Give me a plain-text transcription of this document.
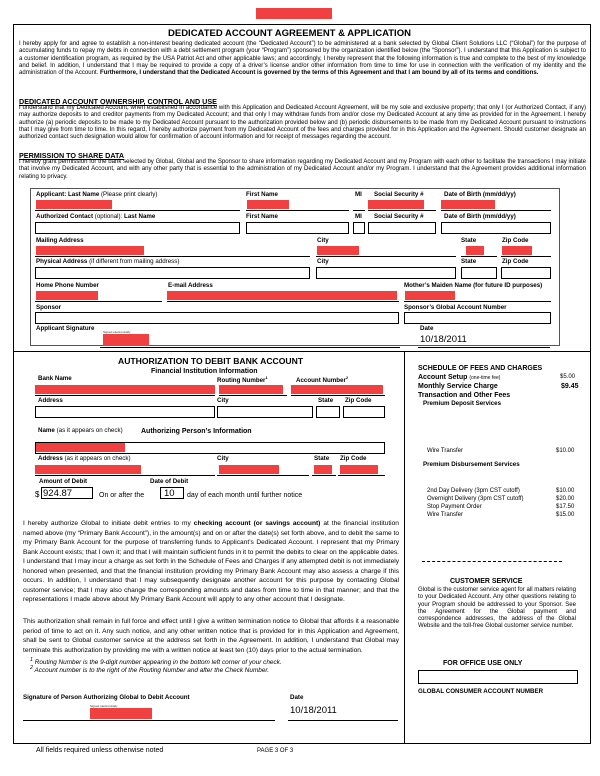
DEDICATED ACCOUNT AGREEMENT & APPLICATION
I hereby apply for and agree to establish a non-interest bearing dedicated account (the “Dedicated Account”) to be administered at a bank selected by Global Client Solutions LLC (“Global”) for the purpose of accumulating funds to repay my debts in connection with a debt settlement program (your “Program”) sponsored by the organization identified below (the “Sponsor”). I understand that this Application is subject to a customer identification program, as required by the USA Patriot Act and other applicable laws; and accordingly, I hereby represent that the following information is true and complete to the best of my knowledge and belief. In addition, I understand that I may be required to provide a copy of a driver’s license and/or other information from time to time for use in connection with the verification of my identity and the administration of the Account. Furthermore, I understand that the Dedicated Account is governed by the terms of this Agreement and that I am bound by all of its terms and conditions.
DEDICATED ACCOUNT OWNERSHIP, CONTROL AND USE
I understand that my Dedicated Account, when established in accordance with this Application and Dedicated Account Agreement, will be my sole and exclusive property; that only I (or Authorized Contact, if any) may authorize deposits to and creditor payments from my Dedicated Account; and that only I may withdraw funds from and/or close my Dedicated Account at any time as provided for in the Agreement. I hereby authorize (a) periodic deposits to be made to my Dedicated Account pursuant to the authorization provided below and (b) periodic disbursements to be made from my Dedicated Account pursuant to instructions that I may give from time to time. In this regard, I hereby authorize payment from my Dedicated Account of the fees and charges provided for in this Application and the Agreement. Should customer designate an authorized contact such designation would allow for confirmation of account information and for receipt of messages regarding the account.
PERMISSION TO SHARE DATA
I hereby grant permission for the bank selected by Global, Global and the Sponsor to share information regarding my Dedicated Account and my Program with each other to facilitate the transactions I may initiate that involve my Dedicated Account, and with any other party that is essential to the administration of my Dedicated Account and/or my Program. I understand that the Agreement provides additional information relating to privacy.
Applicant: Last Name (Please print clearly)	First Name	MI Social Security #	Date of Birth (mm/dd/yy)
Authorized Contact (optional): Last Name	First Name	MI Social Security #	Date of Birth (mm/dd/yy)
Mailing Address	City	State	Zip Code
Physical Address (if different from mailing address)	City	State	Zip Code
Home Phone Number	E-mail Address	Mother’s Maiden Name (for future ID purposes)
Sponsor	Sponsor’s Global Account Number
Applicant Signature	Signed electronically	Date
10/18/2011
AUTHORIZATION TO DEBIT BANK ACCOUNT
Financial Institution Information
Bank Name	Routing Number$^1$	Account Number$^2$
Address	City	State Zip Code
Name (as it appears on check)	Authorizing Person’s Information
Address (as it appears on check)	City	State Zip Code
Amount of Debit	Date of Debit
$ 924.87	On or after the 10 day of each month until further notice
I hereby authorize Global to initiate debit entries to my checking account (or savings account) at the financial institution named above (my “Primary Bank Account”), in the amount(s) and on or after the date(s) set forth above, and to debit the same to my Primary Bank Account for the purpose of transferring funds to Applicant’s Dedicated Account. I represent that my Primary Bank Account exists; that I own it; and that I will maintain sufficient funds in it to permit the debits to clear on the applicable dates. I understand that I may incur a charge as set forth in the Schedule of Fees and Charges if any attempted debit is not immediately honored when presented, and that the financial institution providing my Primary Bank Account may also assess a charge if this occurs. In addition, I understand that I may subsequently designate another account for this purpose by contacting Global customer service; that I may also change the corresponding amounts and dates from time to time in that manner; and that the representations I made above about My Primary Bank Account will apply to any other account that I designate.
This authorization shall remain in full force and effect until I give a written termination notice to Global that affords it a reasonable period of time to act on it. Any such notice, and any other written notice that is provided for in this Application and Agreement, shall be sent to Global customer service at the address set forth in the Agreement. In addition, I understand that Global may terminate this authorization by providing me with a written notice at least ten (10) days prior to the actual termination.
$^1$ Routing Number is the 9-digit number appearing in the bottom left corner of your check.
$^2$ Account number is to the right of the Routing Number and after the Check Number.
Signature of Person Authorizing Global to Debit Account	Date
Signed electronically	10/18/2011
SCHEDULE OF FEES AND CHARGES
Account Setup (one-time fee)	$5.00
Monthly Service Charge	$9.45
Transaction and Other Fees
Premium Deposit Services
Wire Transfer	$10.00
Premium Disbursement Services
2nd Day Delivery (3pm CST cutoff)	$10.00
Overnight Delivery (3pm CST cutoff)	$20.00
Stop Payment Order	$17.50
Wire Transfer	$15.00
CUSTOMER SERVICE
Global is the customer service agent for all matters relating to your Dedicated Account. Any other questions relating to your Program should be addressed to your Sponsor. See the Agreement for the Global payment and correspondence addresses, the address of the Global Website and the toll-free Global customer service number.
FOR OFFICE USE ONLY
GLOBAL CONSUMER ACCOUNT NUMBER
All fields required unless otherwise noted	PAGE 3 OF 3
